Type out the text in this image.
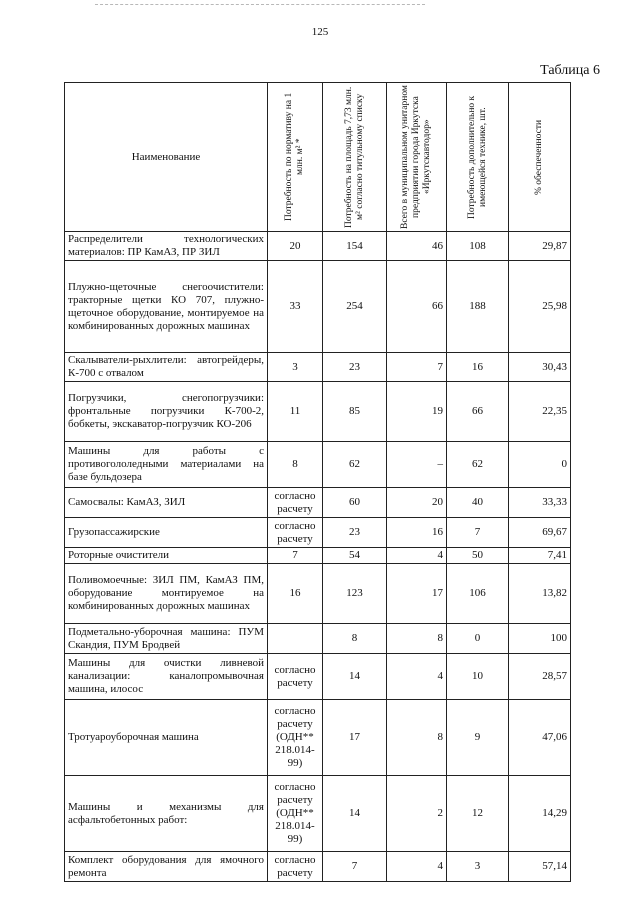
125
Таблица 6
Наименование	Потребность по нормативу на 1 млн. м² *	Потребность на площадь 7,73 млн. м² согласно титульному списку	Всего в муниципальном унитарном предприятии города Иркутска «Иркутскавтодор»	Потребность дополнительно к имеющейся технике, шт.	% обеспеченности

Распределители технологических материалов: ПР КамАЗ, ПР ЗИЛ	20	154	46	108	29,87
Плужно-щеточные снегоочистители: тракторные щетки КО 707, плужно-щеточное оборудование, монтируемое на комбинированных дорожных машинах	33	254	66	188	25,98
Скалыватели-рыхлители: автогрейдеры, К-700 с отвалом	3	23	7	16	30,43
Погрузчики, снегопогрузчики: фронтальные погрузчики К-700-2, бобкеты, экскаватор-погрузчик КО-206	11	85	19	66	22,35
Машины для работы с противогололедными материалами на базе бульдозера	8	62	–	62	0
Самосвалы: КамАЗ, ЗИЛ	согласно расчету	60	20	40	33,33
Грузопассажирские	согласно расчету	23	16	7	69,67
Роторные очистители	7	54	4	50	7,41
Поливомоечные: ЗИЛ ПМ, КамАЗ ПМ, оборудование монтируемое на комбинированных дорожных машинах	16	123	17	106	13,82
Подметально-уборочная машина: ПУМ Скандия, ПУМ Бродвей		8	8	0	100
Машины для очистки ливневой канализации: каналопромывочная машина, илосос	согласно расчету	14	4	10	28,57
Тротуароуборочная машина	согласно расчету (ОДН** 218.014-99)	17	8	9	47,06
Машины и механизмы для асфальтобетонных работ:	согласно расчету (ОДН** 218.014-99)	14	2	12	14,29
Комплект оборудования для ямочного ремонта	согласно расчету	7	4	3	57,14
